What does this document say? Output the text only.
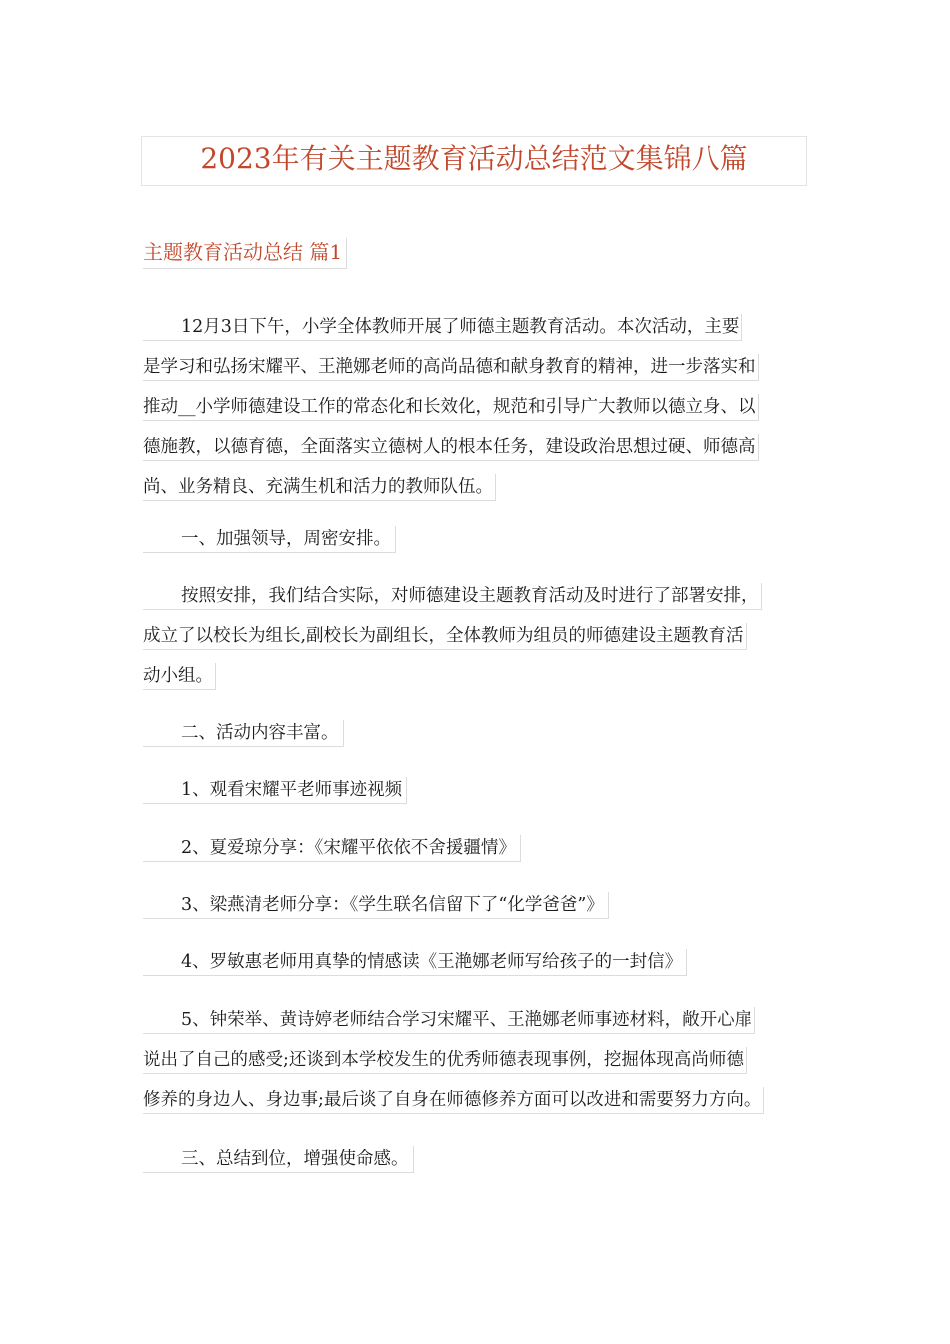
2023年有关主题教育活动总结范文集锦八篇
主题教育活动总结 篇1
12月3日下午，小学全体教师开展了师德主题教育活动。本次活动，主要
是学习和弘扬宋耀平、王滟娜老师的高尚品德和献身教育的精神，进一步落实和
推动__小学师德建设工作的常态化和长效化，规范和引导广大教师以德立身、以
德施教，以德育德，全面落实立德树人的根本任务，建设政治思想过硬、师德高
尚、业务精良、充满生机和活力的教师队伍。
一、加强领导，周密安排。
按照安排，我们结合实际，对师德建设主题教育活动及时进行了部署安排，
成立了以校长为组长,副校长为副组长，全体教师为组员的师德建设主题教育活
动小组。
二、活动内容丰富。
1、观看宋耀平老师事迹视频
2、夏爱琼分享：《宋耀平依依不舍援疆情》
3、梁燕清老师分享：《学生联名信留下了“化学爸爸”》
4、罗敏惠老师用真挚的情感读《王滟娜老师写给孩子的一封信》
5、钟荣举、黄诗婷老师结合学习宋耀平、王滟娜老师事迹材料，敞开心扉
说出了自己的感受;还谈到本学校发生的优秀师德表现事例，挖掘体现高尚师德
修养的身边人、身边事;最后谈了自身在师德修养方面可以改进和需要努力方向。
三、总结到位，增强使命感。
